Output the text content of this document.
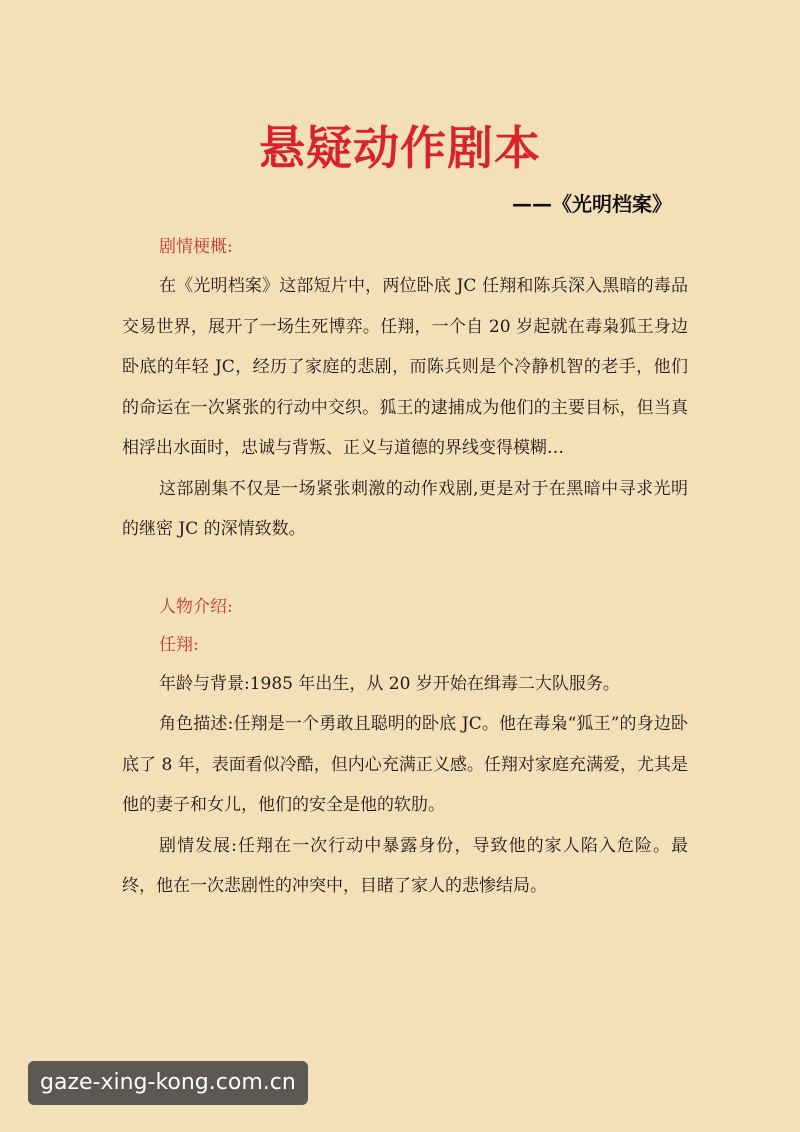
悬疑动作剧本
——《光明档案》

剧情梗概:

在《光明档案》这部短片中，两位卧底 JC 任翔和陈兵深入黑暗的毒品交易世界，展开了一场生死博弈。任翔，一个自 20 岁起就在毒枭狐王身边卧底的年轻 JC，经历了家庭的悲剧，而陈兵则是个冷静机智的老手，他们的命运在一次紧张的行动中交织。狐王的逮捕成为他们的主要目标，但当真相浮出水面时，忠诚与背叛、正义与道德的界线变得模糊…

这部剧集不仅是一场紧张刺激的动作戏剧,更是对于在黑暗中寻求光明的继密 JC 的深情致数。

人物介绍:

任翔:

年龄与背景:1985 年出生，从 20 岁开始在缉毒二大队服务。

角色描述:任翔是一个勇敢且聪明的卧底 JC。他在毒枭“狐王”的身边卧底了 8 年，表面看似冷酷，但内心充满正义感。任翔对家庭充满爱，尤其是他的妻子和女儿，他们的安全是他的软肋。

剧情发展:任翔在一次行动中暴露身份，导致他的家人陷入危险。最终，他在一次悲剧性的冲突中，目睹了家人的悲惨结局。

gaze-xing-kong.com.cn
